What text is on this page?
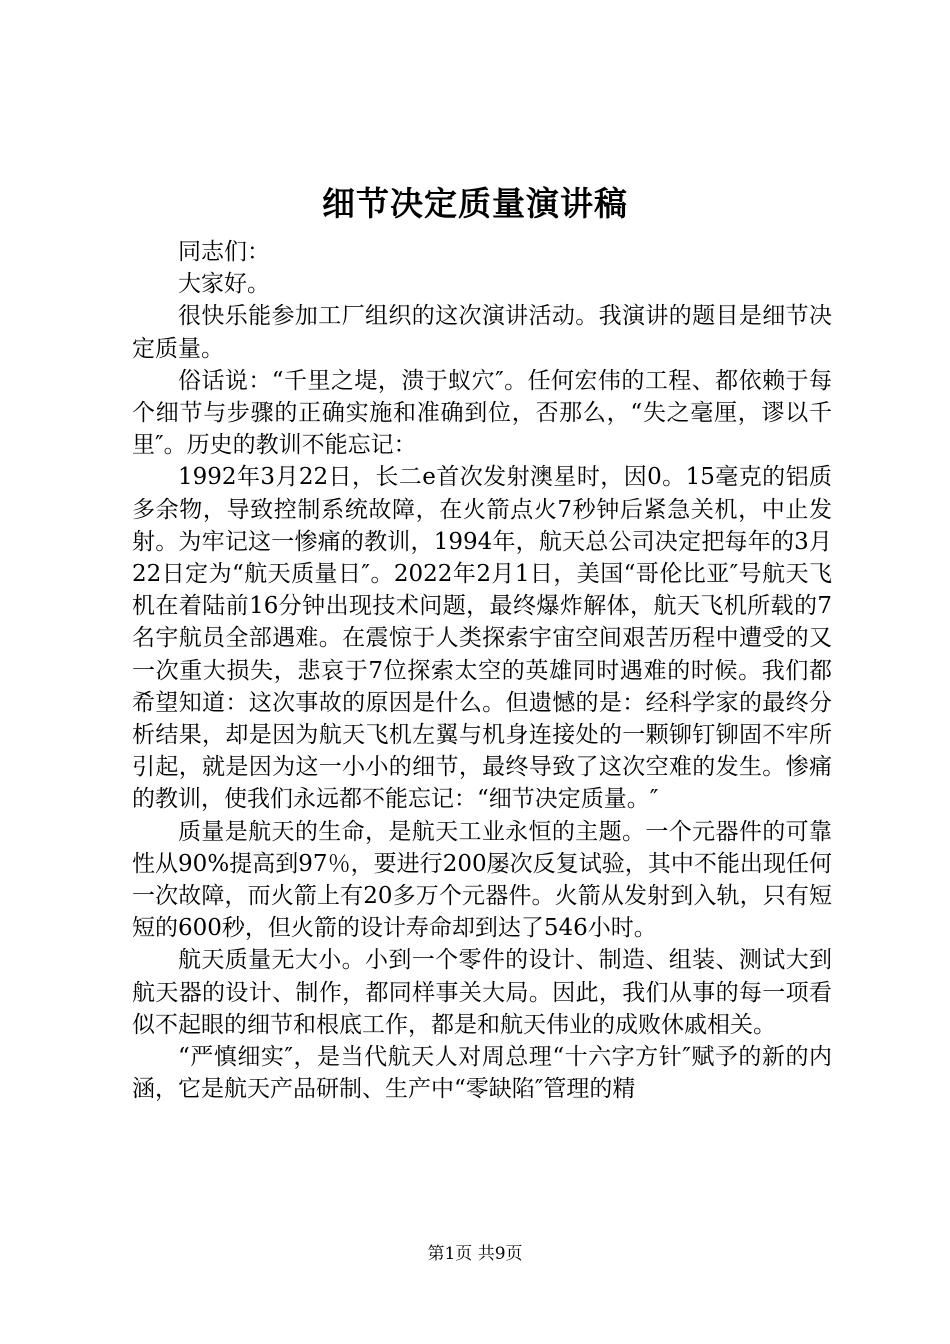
细节决定质量演讲稿

同志们：

大家好。

很快乐能参加工厂组织的这次演讲活动。我演讲的题目是细节决定质量。

俗话说：“千里之堤，溃于蚁穴″。任何宏伟的工程、都依赖于每个细节与步骤的正确实施和准确到位，否那么，“失之毫厘，谬以千里″。历史的教训不能忘记：

1992年3月22日，长二e首次发射澳星时，因0。15毫克的铝质多余物，导致控制系统故障，在火箭点火7秒钟后紧急关机，中止发射。为牢记这一惨痛的教训，1994年，航天总公司决定把每年的3月22日定为“航天质量日″。2022年2月1日，美国“哥伦比亚″号航天飞机在着陆前16分钟出现技术问题，最终爆炸解体，航天飞机所载的7名宇航员全部遇难。在震惊于人类探索宇宙空间艰苦历程中遭受的又一次重大损失，悲哀于7位探索太空的英雄同时遇难的时候。我们都希望知道：这次事故的原因是什么。但遗憾的是：经科学家的最终分析结果，却是因为航天飞机左翼与机身连接处的一颗铆钉铆固不牢所引起，就是因为这一小小的细节，最终导致了这次空难的发生。惨痛的教训，使我们永远都不能忘记：“细节决定质量。″

质量是航天的生命，是航天工业永恒的主题。一个元器件的可靠性从90%提高到97％，要进行200屡次反复试验，其中不能出现任何一次故障，而火箭上有20多万个元器件。火箭从发射到入轨，只有短短的600秒，但火箭的设计寿命却到达了546小时。

航天质量无大小。小到一个零件的设计、制造、组装、测试大到航天器的设计、制作，都同样事关大局。因此，我们从事的每一项看似不起眼的细节和根底工作，都是和航天伟业的成败休戚相关。

“严慎细实″，是当代航天人对周总理“十六字方针″赋予的新的内涵，它是航天产品研制、生产中“零缺陷″管理的精

第1页 共9页
